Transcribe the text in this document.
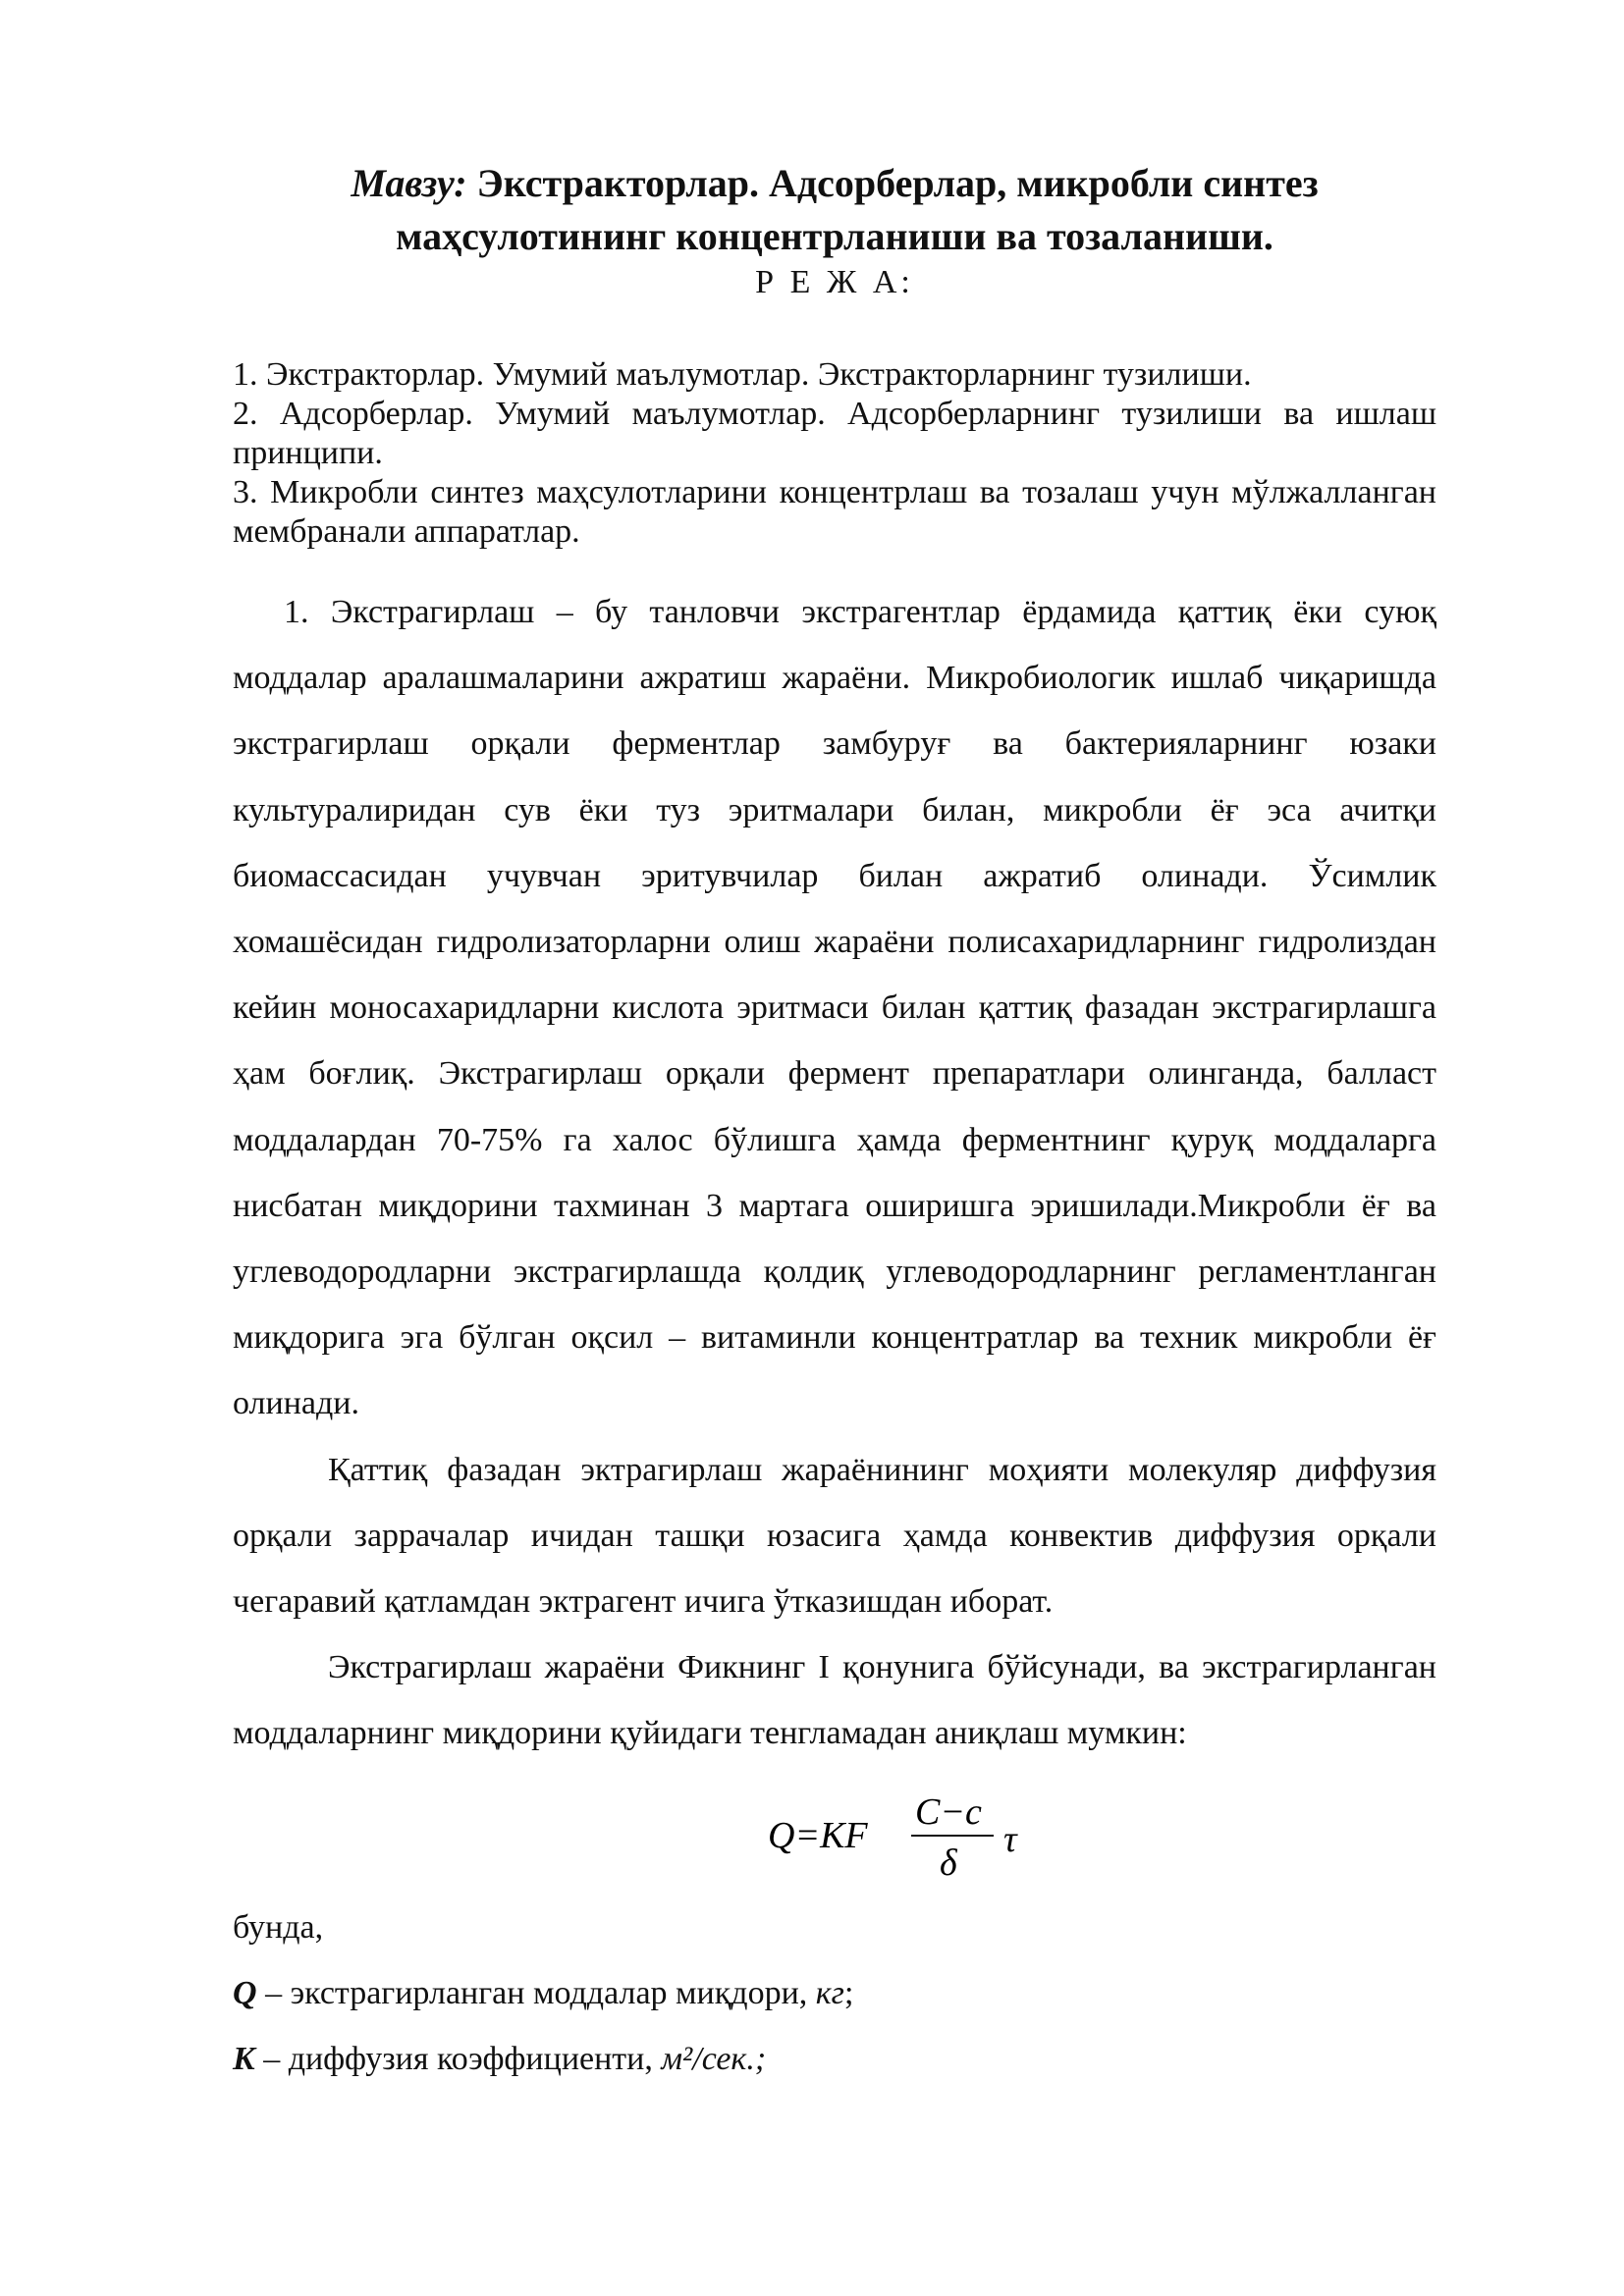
Мавзу: Экстракторлар. Адсорберлар, микробли синтез
маҳсулотининг концентрланиши ва тозаланиши.
Р Е Ж А:

1. Экстракторлар. Умумий маълумотлар. Экстракторларнинг тузилиши.

2. Адсорберлар. Умумий маълумотлар. Адсорберларнинг тузилиши ва ишлаш принципи.

3. Микробли синтез маҳсулотларини концентрлаш ва тозалаш учун мўлжалланган мембранали аппаратлар.

1. Экстрагирлаш – бу танловчи экстрагентлар ёрдамида қаттиқ ёки суюқ моддалар аралашмаларини ажратиш жараёни. Микробиологик ишлаб чиқаришда экстрагирлаш орқали ферментлар замбуруғ ва бактерияларнинг юзаки культуралиридан сув ёки туз эритмалари билан, микробли ёғ эса ачитқи биомассасидан учувчан эритувчилар билан ажратиб олинади. Ўсимлик хомашёсидан гидролизаторларни олиш жараёни полисахаридларнинг гидролиздан кейин моносахаридларни кислота эритмаси билан қаттиқ фазадан экстрагирлашга ҳам боғлиқ. Экстрагирлаш орқали фермент препаратлари олинганда, балласт моддалардан 70-75% га халос бўлишга ҳамда ферментнинг қуруқ моддаларга нисбатан миқдорини тахминан 3 мартага оширишга эришилади.Микробли ёғ ва углеводородларни экстрагирлашда қолдиқ углеводородларнинг регламентланган миқдорига эга бўлган оқсил – витаминли концентратлар ва техник микробли ёғ олинади.

Қаттиқ фазадан эктрагирлаш жараёнининг моҳияти молекуляр диффузия орқали заррачалар ичидан ташқи юзасига ҳамда конвектив диффузия орқали чегаравий қатламдан эктрагент ичига ўтказишдан иборат.

Экстрагирлаш жараёни Фикнинг I қонунига бўйсунади, ва экстрагирланган моддаларнинг миқдорини қуйидаги тенгламадан аниқлаш мумкин:

Q=KF
C−c
δ
τ

бунда,

Q – экстрагирланган моддалар миқдори, кг;

K – диффузия коэффициенти, м²/сек.;
